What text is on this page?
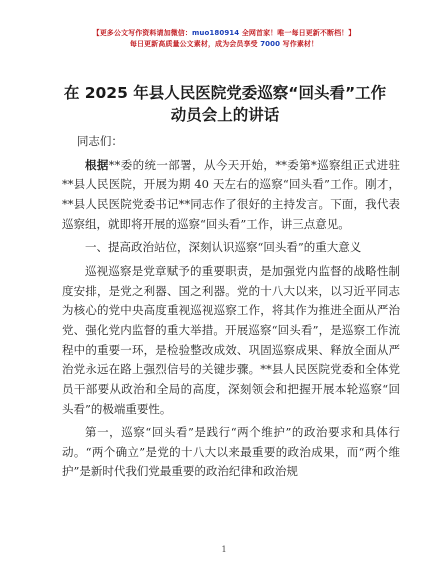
【更多公文写作资料请加微信：muo180914 全网首家！唯一每日更新不断档！】
每日更新高质量公文素材，成为会员享受 7000 写作素材！
在 2025 年县人民医院党委巡察“回头看”工作
动员会上的讲话

同志们：

根据**委的统一部署，从今天开始，**委第*巡察组正式进驻**县人民医院，开展为期 40 天左右的巡察“回头看”工作。刚才，**县人民医院党委书记**同志作了很好的主持发言。下面，我代表巡察组，就即将开展的巡察“回头看”工作，讲三点意见。

一、提高政治站位，深刻认识巡察“回头看”的重大意义

巡视巡察是党章赋予的重要职责，是加强党内监督的战略性制度安排，是党之利器、国之利器。党的十八大以来，以习近平同志为核心的党中央高度重视巡视巡察工作，将其作为推进全面从严治党、强化党内监督的重大举措。开展巡察“回头看”，是巡察工作流程中的重要一环，是检验整改成效、巩固巡察成果、释放全面从严治党永远在路上强烈信号的关键步骤。**县人民医院党委和全体党员干部要从政治和全局的高度，深刻领会和把握开展本轮巡察“回头看”的极端重要性。

第一，巡察“回头看”是践行“两个维护”的政治要求和具体行动。“两个确立”是党的十八大以来最重要的政治成果，而“两个维护”是新时代我们党最重要的政治纪律和政治规

1
